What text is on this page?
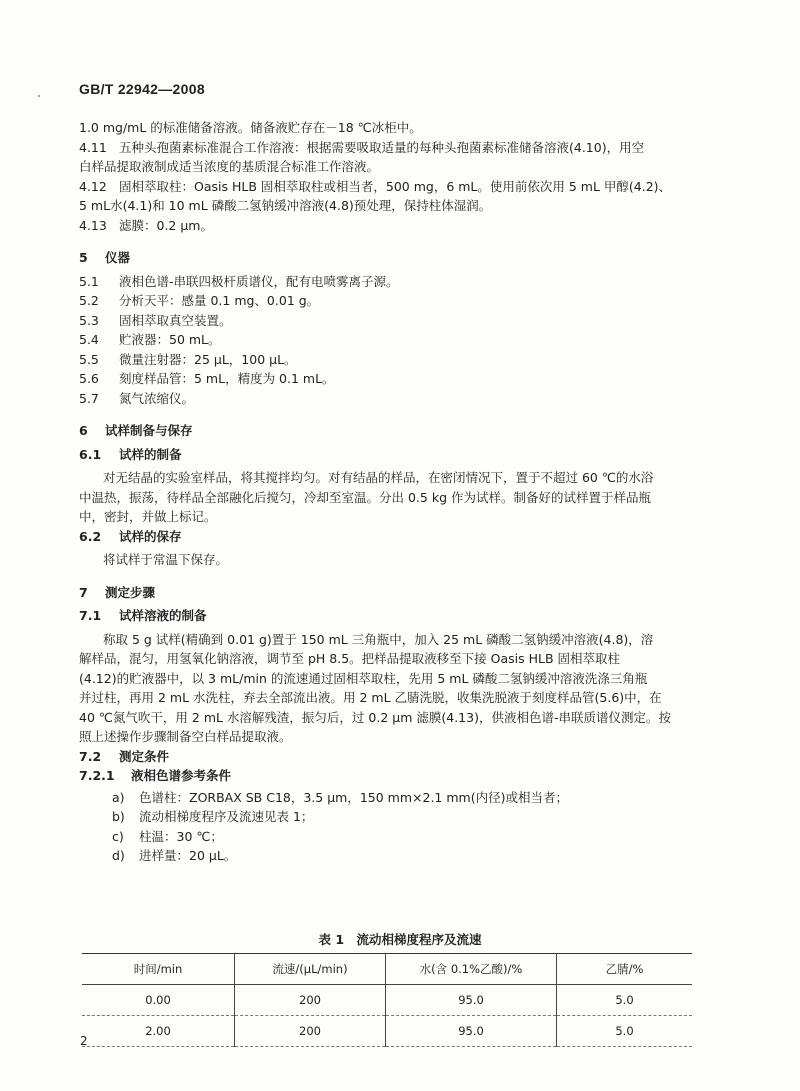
GB/T 22942—2008
1.0 mg/mL 的标准储备溶液。储备液贮存在－18 ℃冰柜中。
4.11 五种头孢菌素标准混合工作溶液：根据需要吸取适量的每种头孢菌素标准储备溶液(4.10)，用空
白样品提取液制成适当浓度的基质混合标准工作溶液。
4.12 固相萃取柱：Oasis HLB 固相萃取柱或相当者，500 mg，6 mL。使用前依次用 5 mL 甲醇(4.2)、
5 mL水(4.1)和 10 mL 磷酸二氢钠缓冲溶液(4.8)预处理，保持柱体湿润。
4.13 滤膜：0.2 μm。
5 仪器
5.1 液相色谱-串联四极杆质谱仪，配有电喷雾离子源。
5.2 分析天平：感量 0.1 mg、0.01 g。
5.3 固相萃取真空装置。
5.4 贮液器：50 mL。
5.5 微量注射器：25 μL，100 μL。
5.6 刻度样品管：5 mL，精度为 0.1 mL。
5.7 氮气浓缩仪。
6 试样制备与保存
6.1 试样的制备
对无结晶的实验室样品，将其搅拌均匀。对有结晶的样品，在密闭情况下，置于不超过 60 ℃的水浴
中温热，振荡，待样品全部融化后搅匀，冷却至室温。分出 0.5 kg 作为试样。制备好的试样置于样品瓶
中，密封，并做上标记。
6.2 试样的保存
将试样于常温下保存。
7 测定步骤
7.1 试样溶液的制备
称取 5 g 试样(精确到 0.01 g)置于 150 mL 三角瓶中，加入 25 mL 磷酸二氢钠缓冲溶液(4.8)，溶
解样品，混匀，用氢氧化钠溶液，调节至 pH 8.5。把样品提取液移至下接 Oasis HLB 固相萃取柱
(4.12)的贮液器中，以 3 mL/min 的流速通过固相萃取柱，先用 5 mL 磷酸二氢钠缓冲溶液洗涤三角瓶
并过柱，再用 2 mL 水洗柱，弃去全部流出液。用 2 mL 乙腈洗脱，收集洗脱液于刻度样品管(5.6)中，在
40 ℃氮气吹干，用 2 mL 水溶解残渣，振匀后，过 0.2 μm 滤膜(4.13)，供液相色谱-串联质谱仪测定。按
照上述操作步骤制备空白样品提取液。
7.2 测定条件
7.2.1 液相色谱参考条件
a) 色谱柱：ZORBAX SB C18，3.5 μm，150 mm×2.1 mm(内径)或相当者；
b) 流动相梯度程序及流速见表 1；
c) 柱温：30 ℃；
d) 进样量：20 μL。
表 1　流动相梯度程序及流速
时间/min	流速/(μL/min)	水(含 0.1%乙酸)/%	乙腈/%
0.00	200	95.0	5.0
2.00	200	95.0	5.0
2
